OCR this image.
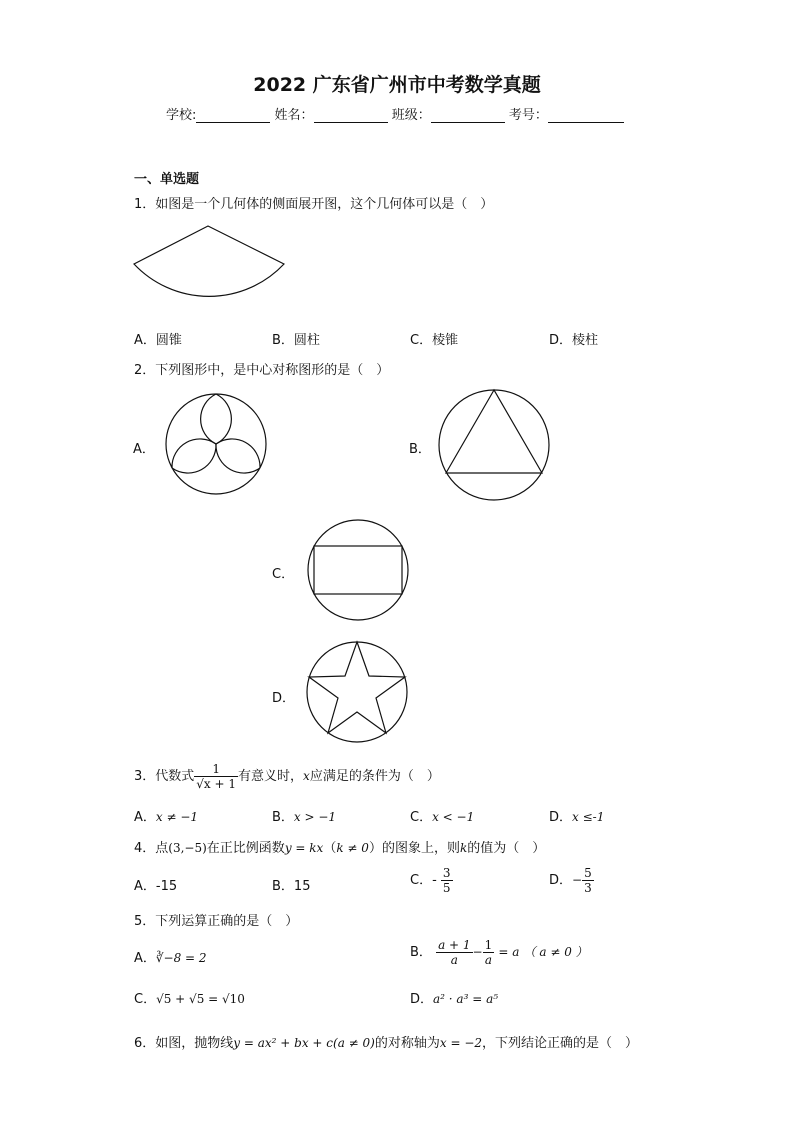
2022 广东省广州市中考数学真题
学校:	姓名：	班级：	考号：
一、单选题
1．如图是一个几何体的侧面展开图，这个几何体可以是（　）
A．圆锥	B．圆柱	C．棱锥	D．棱柱
2．下列图形中，是中心对称图形的是（　）
A．	B．
C．
D．
3．代数式 $\frac{1}{√x + 1}$ 有意义时，x应满足的条件为（　）
A．x ≠ −1	B．x > −1	C．x < −1	D．x ≤-1
4．点(3,−5)在正比例函数y = kx（k ≠ 0）的图象上，则k的值为（　）
A．-15	B．15	C．- $\frac{3}{5}$	D．− $\frac{5}{3}$
5．下列运算正确的是（　）
A．∛−8 = 2	B． $\frac{a + 1}{a} - \frac{1}{a} = a$ （ a ≠ 0 ）
C．√5 + √5 = √10	D．a² · a³ = a⁵
6．如图，抛物线y = ax² + bx + c(a ≠ 0)的对称轴为x = −2，下列结论正确的是（　）
